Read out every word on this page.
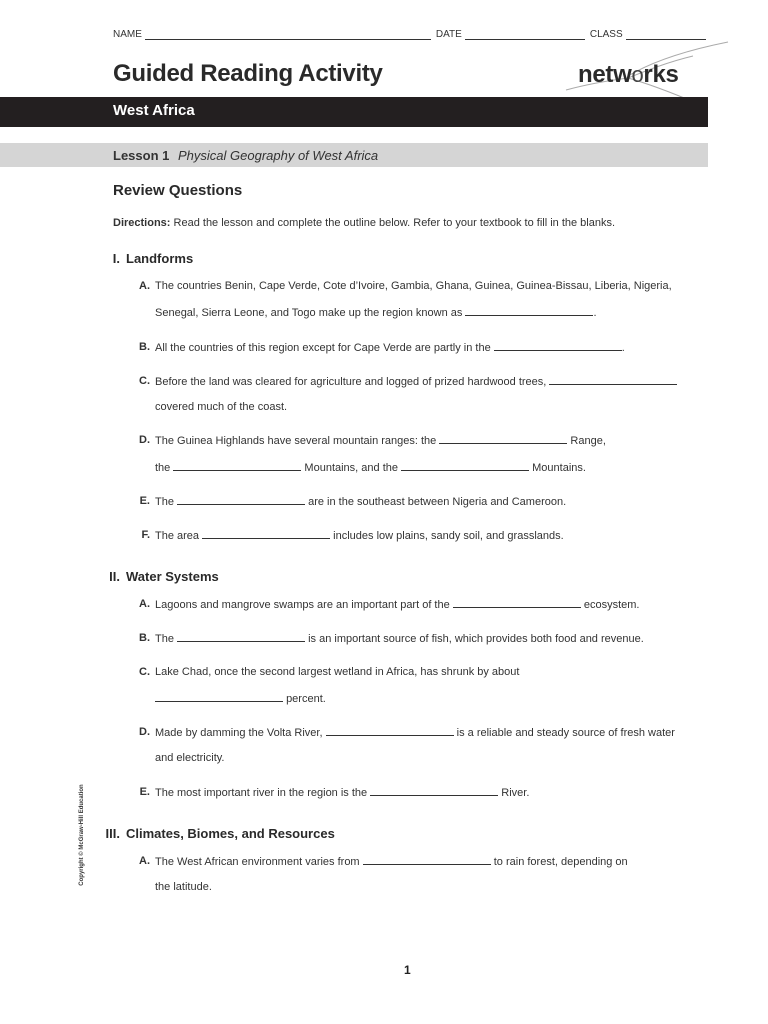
NAME	DATE	CLASS
Guided Reading Activity	networks
West Africa
Lesson 1 Physical Geography of West Africa
Review Questions
Directions: Read the lesson and complete the outline below. Refer to your textbook to fill in the blanks.
I. Landforms
A. The countries Benin, Cape Verde, Cote d’Ivoire, Gambia, Ghana, Guinea, Guinea-Bissau, Liberia, Nigeria,
Senegal, Sierra Leone, and Togo make up the region known as	.
B. All the countries of this region except for Cape Verde are partly in the	.
C. Before the land was cleared for agriculture and logged of prized hardwood trees,
covered much of the coast.
D. The Guinea Highlands have several mountain ranges: the	Range,
the	Mountains, and the	Mountains.
E. The	are in the southeast between Nigeria and Cameroon.
F. The area	includes low plains, sandy soil, and grasslands.
II. Water Systems
A. Lagoons and mangrove swamps are an important part of the	ecosystem.
B. The	is an important source of fish, which provides both food and revenue.
C. Lake Chad, once the second largest wetland in Africa, has shrunk by about
percent.
D. Made by damming the Volta River,	is a reliable and steady source of fresh water
and electricity.
E. The most important river in the region is the	River.
III. Climates, Biomes, and Resources
A. The West African environment varies from	to rain forest, depending on
the latitude.
Copyright © McGraw-Hill Education
1
